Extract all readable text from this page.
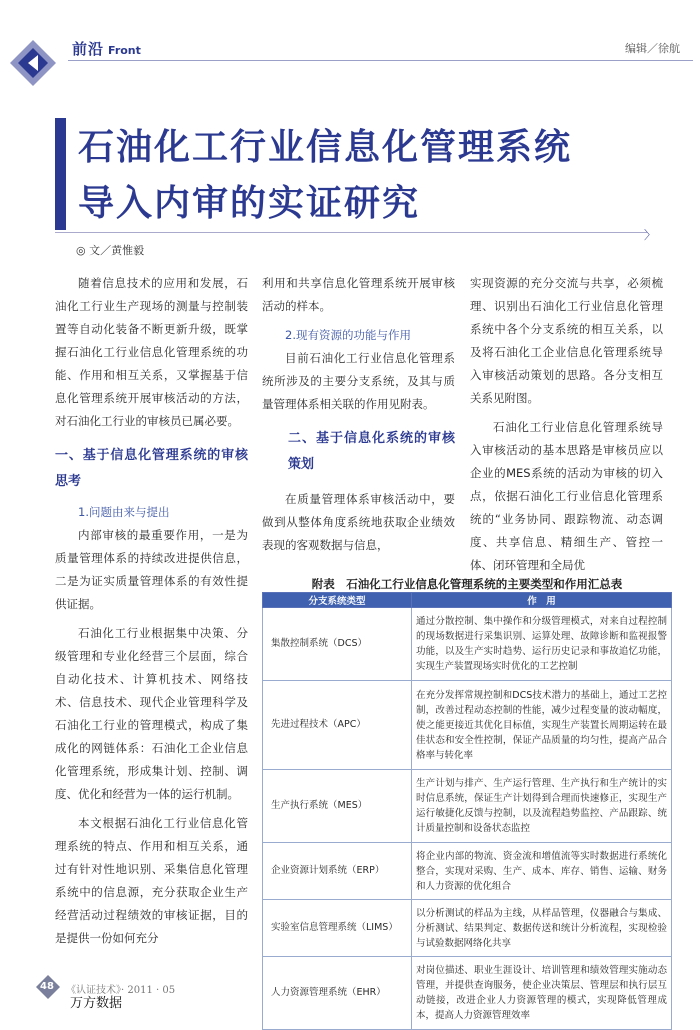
前沿 Front	编辑／徐航
石油化工行业信息化管理系统
导入内审的实证研究
〉
◎ 文／黄惟毅

随着信息技术的应用和发展，石油化工行业生产现场的测量与控制装置等自动化装备不断更新升级，既掌握石油化工行业信息化管理系统的功能、作用和相互关系，又掌握基于信息化管理系统开展审核活动的方法，对石油化工行业的审核员已属必要。

一、基于信息化管理系统的审核思考
1.问题由来与提出

内部审核的最重要作用，一是为质量管理体系的持续改进提供信息，二是为证实质量管理体系的有效性提供证据。

石油化工行业根据集中决策、分级管理和专业化经营三个层面，综合自动化技术、计算机技术、网络技术、信息技术、现代企业管理科学及石油化工行业的管理模式，构成了集成化的网链体系：石油化工企业信息化管理系统，形成集计划、控制、调度、优化和经营为一体的运行机制。

本文根据石油化工行业信息化管理系统的特点、作用和相互关系，通过有针对性地识别、采集信息化管理系统中的信息源，充分获取企业生产经营活动过程绩效的审核证据，目的是提供一份如何充分

利用和共享信息化管理系统开展审核活动的样本。

2.现有资源的功能与作用

目前石油化工行业信息化管理系统所涉及的主要分支系统，及其与质量管理体系相关联的作用见附表。

二、基于信息化系统的审核策划

在质量管理体系审核活动中，要做到从整体角度系统地获取企业绩效表现的客观数据与信息，

实现资源的充分交流与共享，必须梳理、识别出石油化工行业信息化管理系统中各个分支系统的相互关系，以及将石油化工企业信息化管理系统导入审核活动策划的思路。各分支相互关系见附图。

石油化工行业信息化管理系统导入审核活动的基本思路是审核员应以企业的MES系统的活动为审核的切入点，依据石油化工行业信息化管理系统的“业务协同、跟踪物流、动态调度、共享信息、精细生产、管控一体、闭环管理和全局优

附表　石油化工行业信息化管理系统的主要类型和作用汇总表
分支系统类型	作　用
集散控制系统（DCS）	通过分散控制、集中操作和分级管理模式，对来自过程控制的现场数据进行采集识别、运算处理、故障诊断和监视报警功能，以及生产实时趋势、运行历史记录和事故追忆功能，实现生产装置现场实时优化的工艺控制
先进过程技术（APC）	在充分发挥常规控制和DCS技术潜力的基础上，通过工艺控制，改善过程动态控制的性能，减少过程变量的波动幅度，使之能更接近其优化目标值，实现生产装置长周期运转在最佳状态和安全性控制，保证产品质量的均匀性，提高产品合格率与转化率
生产执行系统（MES）	生产计划与排产、生产运行管理、生产执行和生产统计的实时信息系统，保证生产计划得到合理而快速修正，实现生产运行敏捷化反馈与控制，以及流程趋势监控、产品跟踪、统计质量控制和设备状态监控
企业资源计划系统（ERP）	将企业内部的物流、资金流和增值流等实时数据进行系统化整合，实现对采购、生产、成本、库存、销售、运输、财务和人力资源的优化组合
实验室信息管理系统（LIMS）	以分析测试的样品为主线，从样品管理，仪器融合与集成、分析测试、结果判定、数据传送和统计分析流程，实现检验与试验数据网络化共享
人力资源管理系统（EHR）	对岗位描述、职业生涯设计、培训管理和绩效管理实施动态管理，并提供查询服务，使企业决策层、管理层和执行层互动链接，改进企业人力资源管理的模式，实现降低管理成本，提高人力资源管理效率
48	《认证技术》· 2011 · 05
万方数据
